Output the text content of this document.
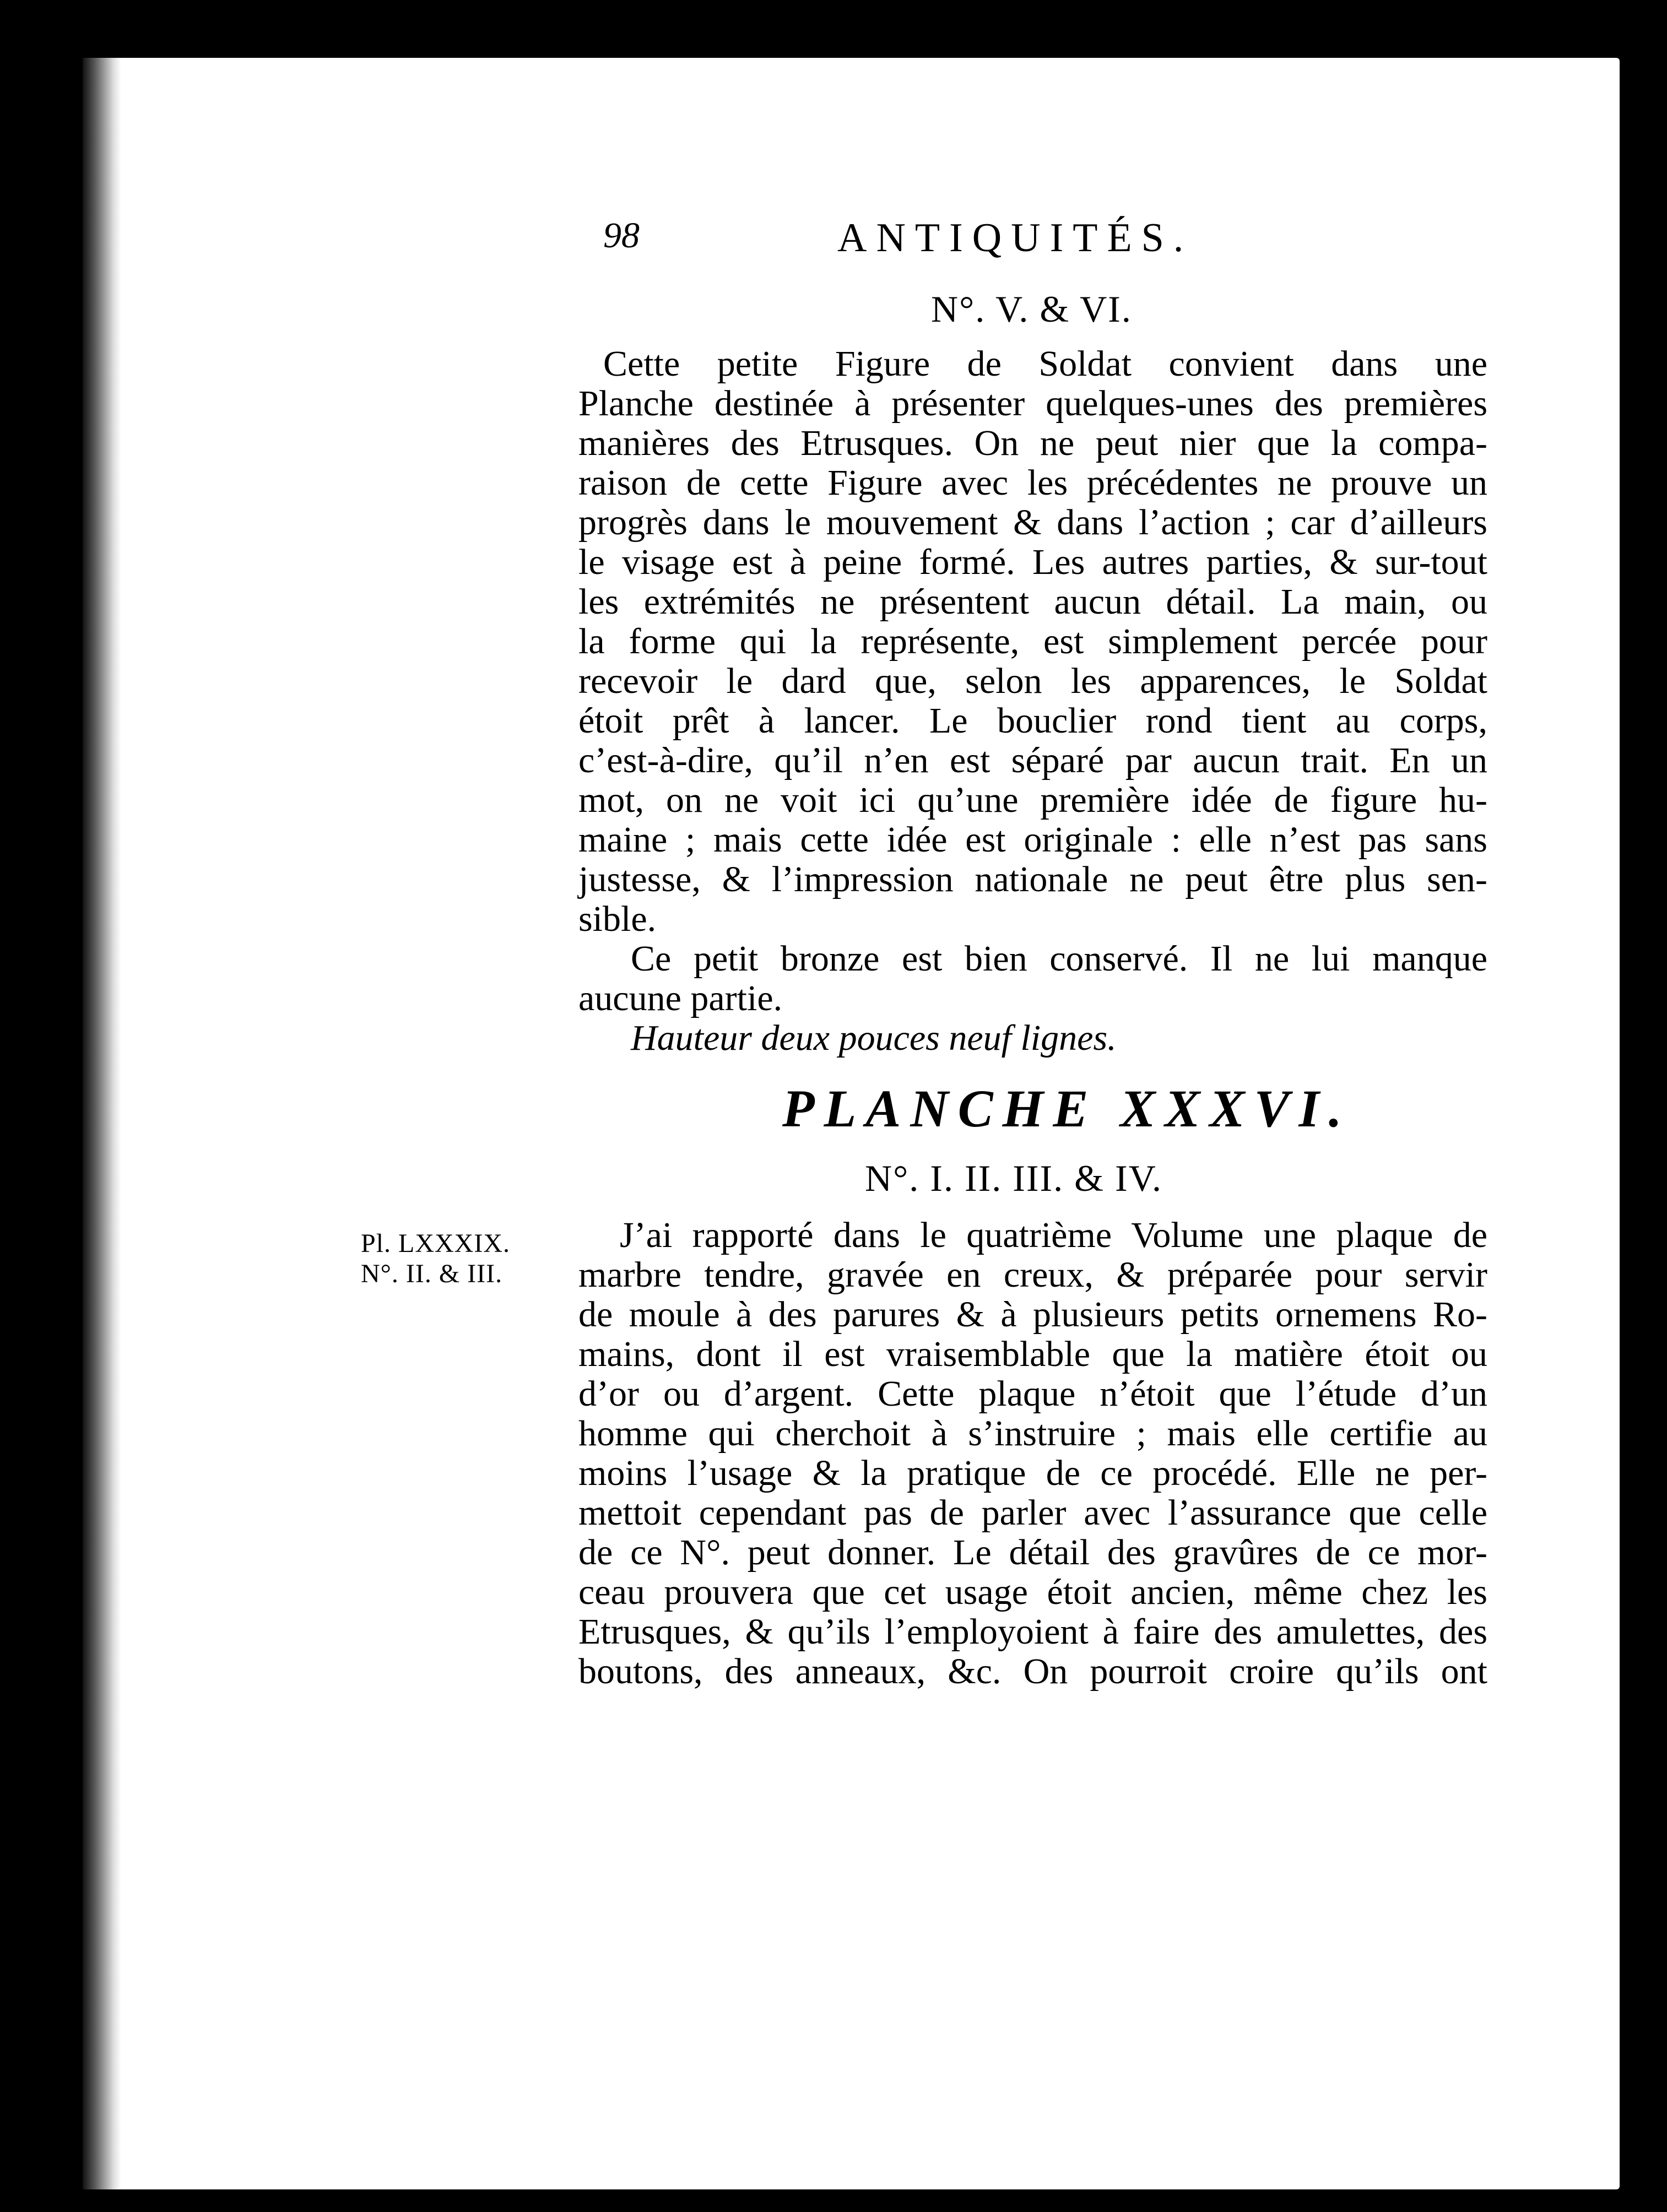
98	ANTIQUITÉS.
N°. V. & VI.
Cette petite Figure de Soldat convient dans une
Planche destinée à présenter quelques-unes des premières
manières des Etrusques. On ne peut nier que la compa-
raison de cette Figure avec les précédentes ne prouve un
progrès dans le mouvement & dans l’action ; car d’ailleurs
le visage est à peine formé. Les autres parties, & sur-tout
les extrémités ne présentent aucun détail. La main, ou
la forme qui la représente, est simplement percée pour
recevoir le dard que, selon les apparences, le Soldat
étoit prêt à lancer. Le bouclier rond tient au corps,
c’est-à-dire, qu’il n’en est séparé par aucun trait. En un
mot, on ne voit ici qu’une première idée de figure hu-
maine ; mais cette idée est originale : elle n’est pas sans
justesse, & l’impression nationale ne peut être plus sen-
sible.
Ce petit bronze est bien conservé. Il ne lui manque
aucune partie.
Hauteur deux pouces neuf lignes.
PLANCHE XXXVI.
N°. I. II. III. & IV.
Pl. LXXXIX.
N°. II. & III.
J’ai rapporté dans le quatrième Volume une plaque de
marbre tendre, gravée en creux, & préparée pour servir
de moule à des parures & à plusieurs petits ornemens Ro-
mains, dont il est vraisemblable que la matière étoit ou
d’or ou d’argent. Cette plaque n’étoit que l’étude d’un
homme qui cherchoit à s’instruire ; mais elle certifie au
moins l’usage & la pratique de ce procédé. Elle ne per-
mettoit cependant pas de parler avec l’assurance que celle
de ce N°. peut donner. Le détail des gravûres de ce mor-
ceau prouvera que cet usage étoit ancien, même chez les
Etrusques, & qu’ils l’employoient à faire des amulettes, des
boutons, des anneaux, &c. On pourroit croire qu’ils ont
